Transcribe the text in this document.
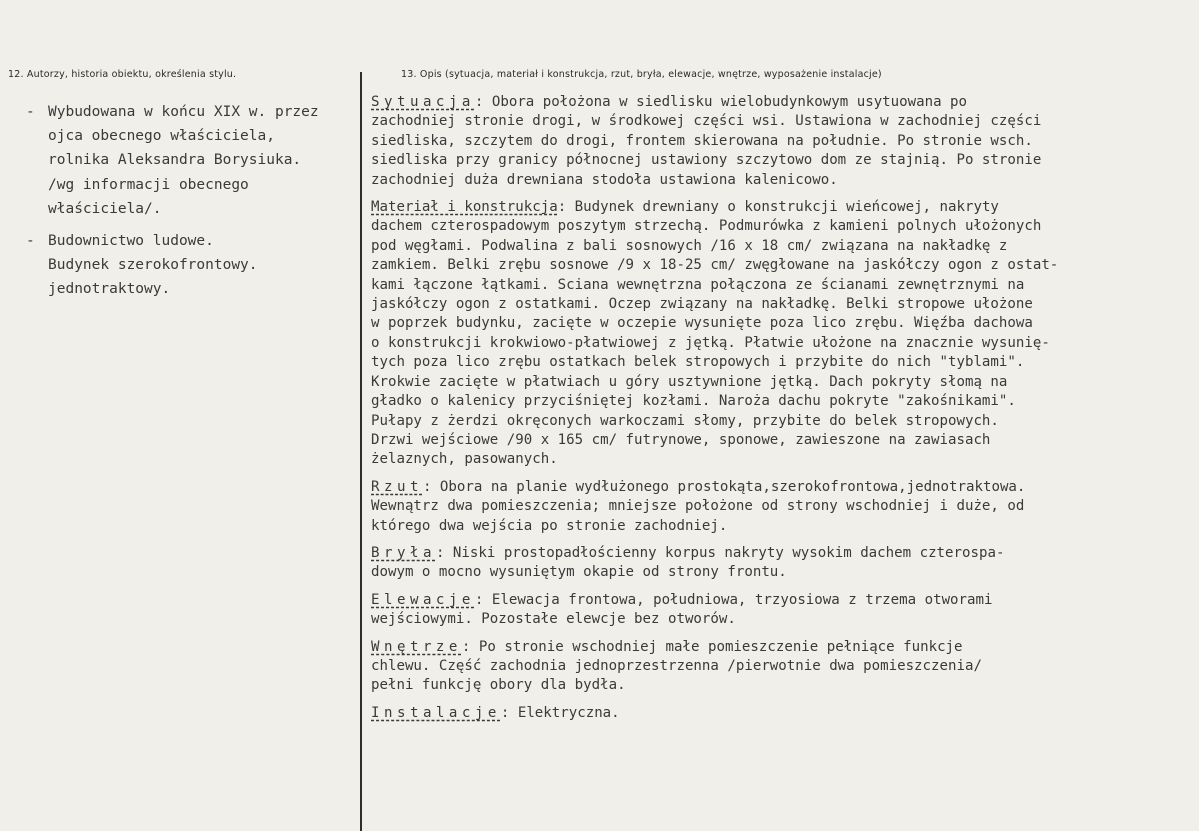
12. Autorzy, historia obiektu, określenia stylu.	13. Opis (sytuacja, materiał i konstrukcja, rzut, bryła, elewacje, wnętrze, wyposażenie instalacje)
- Wybudowana w końcu XIX w. przez
ojca obecnego właściciela,
rolnika Aleksandra Borysiuka.
/wg informacji obecnego
właściciela/.
- Budownictwo ludowe.
Budynek szerokofrontowy.
jednotraktowy.
Sytuacja: Obora położona w siedlisku wielobudynkowym usytuowana po
zachodniej stronie drogi, w środkowej części wsi. Ustawiona w zachodniej części
siedliska, szczytem do drogi, frontem skierowana na południe. Po stronie wsch.
siedliska przy granicy północnej ustawiony szczytowo dom ze stajnią. Po stronie
zachodniej duża drewniana stodoła ustawiona kalenicowo.
Materiał i konstrukcja: Budynek drewniany o konstrukcji wieńcowej, nakryty
dachem czterospadowym poszytym strzechą. Podmurówka z kamieni polnych ułożonych
pod węgłami. Podwalina z bali sosnowych /16 x 18 cm/ związana na nakładkę z
zamkiem. Belki zrębu sosnowe /9 x 18-25 cm/ zwęgłowane na jaskółczy ogon z ostat-
kami łączone łątkami. Sciana wewnętrzna połączona ze ścianami zewnętrznymi na
jaskółczy ogon z ostatkami. Oczep związany na nakładkę. Belki stropowe ułożone
w poprzek budynku, zacięte w oczepie wysunięte poza lico zrębu. Więźba dachowa
o konstrukcji krokwiowo-płatwiowej z jętką. Płatwie ułożone na znacznie wysunię-
tych poza lico zrębu ostatkach belek stropowych i przybite do nich "tyblami".
Krokwie zacięte w płatwiach u góry usztywnione jętką. Dach pokryty słomą na
gładko o kalenicy przyciśniętej kozłami. Naroża dachu pokryte "zakośnikami".
Pułapy z żerdzi okręconych warkoczami słomy, przybite do belek stropowych.
Drzwi wejściowe /90 x 165 cm/ futrynowe, sponowe, zawieszone na zawiasach
żelaznych, pasowanych.
Rzut: Obora na planie wydłużonego prostokąta,szerokofrontowa,jednotraktowa.
Wewnątrz dwa pomieszczenia; mniejsze położone od strony wschodniej i duże, od
którego dwa wejścia po stronie zachodniej.
Bryła: Niski prostopadłościenny korpus nakryty wysokim dachem czterospa-
dowym o mocno wysuniętym okapie od strony frontu.
Elewacje: Elewacja frontowa, południowa, trzyosiowa z trzema otworami
wejściowymi. Pozostałe elewcje bez otworów.
Wnętrze: Po stronie wschodniej małe pomieszczenie pełniące funkcje
chlewu. Część zachodnia jednoprzestrzenna /pierwotnie dwa pomieszczenia/
pełni funkcję obory dla bydła.
Instalacje: Elektryczna.
